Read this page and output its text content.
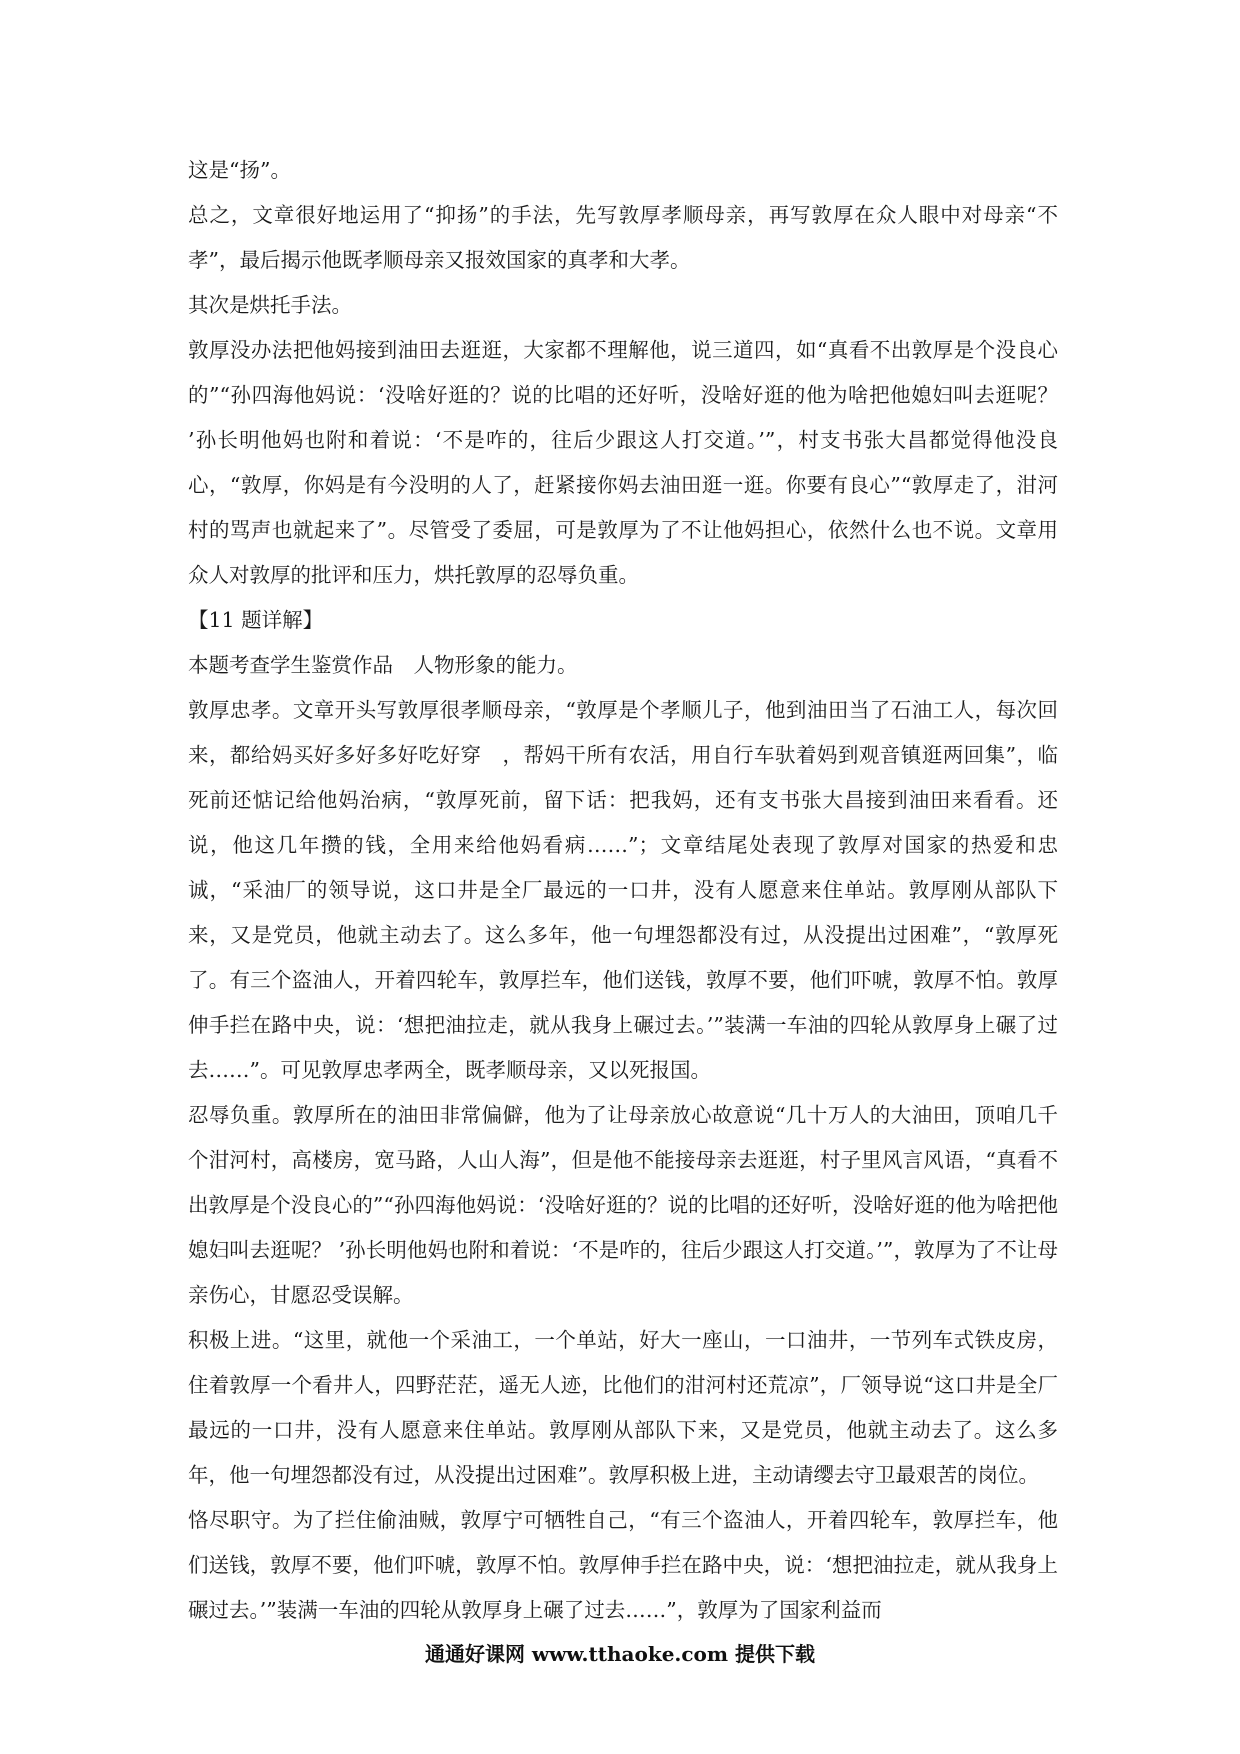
这是“扬”。

总之，文章很好地运用了“抑扬”的手法，先写敦厚孝顺母亲，再写敦厚在众人眼中对母亲“不孝”，最后揭示他既孝顺母亲又报效国家的真孝和大孝。

其次是烘托手法。

敦厚没办法把他妈接到油田去逛逛，大家都不理解他，说三道四，如“真看不出敦厚是个没良心的”“孙四海他妈说：‘没啥好逛的？说的比唱的还好听，没啥好逛的他为啥把他媳妇叫去逛呢？ ’孙长明他妈也附和着说：‘不是咋的，往后少跟这人打交道。’”，村支书张大昌都觉得他没良心，“敦厚，你妈是有今没明的人了，赶紧接你妈去油田逛一逛。你要有良心”“敦厚走了，泔河村的骂声也就起来了”。尽管受了委屈，可是敦厚为了不让他妈担心，依然什么也不说。文章用众人对敦厚的批评和压力，烘托敦厚的忍辱负重。

【11 题详解】

本题考查学生鉴赏作品　人物形象的能力。

敦厚忠孝。文章开头写敦厚很孝顺母亲，“敦厚是个孝顺儿子，他到油田当了石油工人，每次回来，都给妈买好多好多好吃好穿　，帮妈干所有农活，用自行车驮着妈到观音镇逛两回集”，临死前还惦记给他妈治病，“敦厚死前，留下话：把我妈，还有支书张大昌接到油田来看看。还说，他这几年攒的钱，全用来给他妈看病……”；文章结尾处表现了敦厚对国家的热爱和忠诚，“采油厂的领导说，这口井是全厂最远的一口井，没有人愿意来住单站。敦厚刚从部队下来，又是党员，他就主动去了。这么多年，他一句埋怨都没有过，从没提出过困难”，“敦厚死了。有三个盗油人，开着四轮车，敦厚拦车，他们送钱，敦厚不要，他们吓唬，敦厚不怕。敦厚伸手拦在路中央，说：‘想把油拉走，就从我身上碾过去。’”装满一车油的四轮从敦厚身上碾了过去……”。可见敦厚忠孝两全，既孝顺母亲，又以死报国。

忍辱负重。敦厚所在的油田非常偏僻，他为了让母亲放心故意说“几十万人的大油田，顶咱几千个泔河村，高楼房，宽马路，人山人海”，但是他不能接母亲去逛逛，村子里风言风语，“真看不出敦厚是个没良心的”“孙四海他妈说：‘没啥好逛的？说的比唱的还好听，没啥好逛的他为啥把他媳妇叫去逛呢？ ’孙长明他妈也附和着说：‘不是咋的，往后少跟这人打交道。’”，敦厚为了不让母亲伤心，甘愿忍受误解。

积极上进。“这里，就他一个采油工，一个单站，好大一座山，一口油井，一节列车式铁皮房，住着敦厚一个看井人，四野茫茫，遥无人迹，比他们的泔河村还荒凉”，厂领导说“这口井是全厂最远的一口井，没有人愿意来住单站。敦厚刚从部队下来，又是党员，他就主动去了。这么多年，他一句埋怨都没有过，从没提出过困难”。敦厚积极上进，主动请缨去守卫最艰苦的岗位。

恪尽职守。为了拦住偷油贼，敦厚宁可牺牲自己，“有三个盗油人，开着四轮车，敦厚拦车，他们送钱，敦厚不要，他们吓唬，敦厚不怕。敦厚伸手拦在路中央，说：‘想把油拉走，就从我身上碾过去。’”装满一车油的四轮从敦厚身上碾了过去……”，敦厚为了国家利益而

通通好课网 www.tthaoke.com 提供下载
